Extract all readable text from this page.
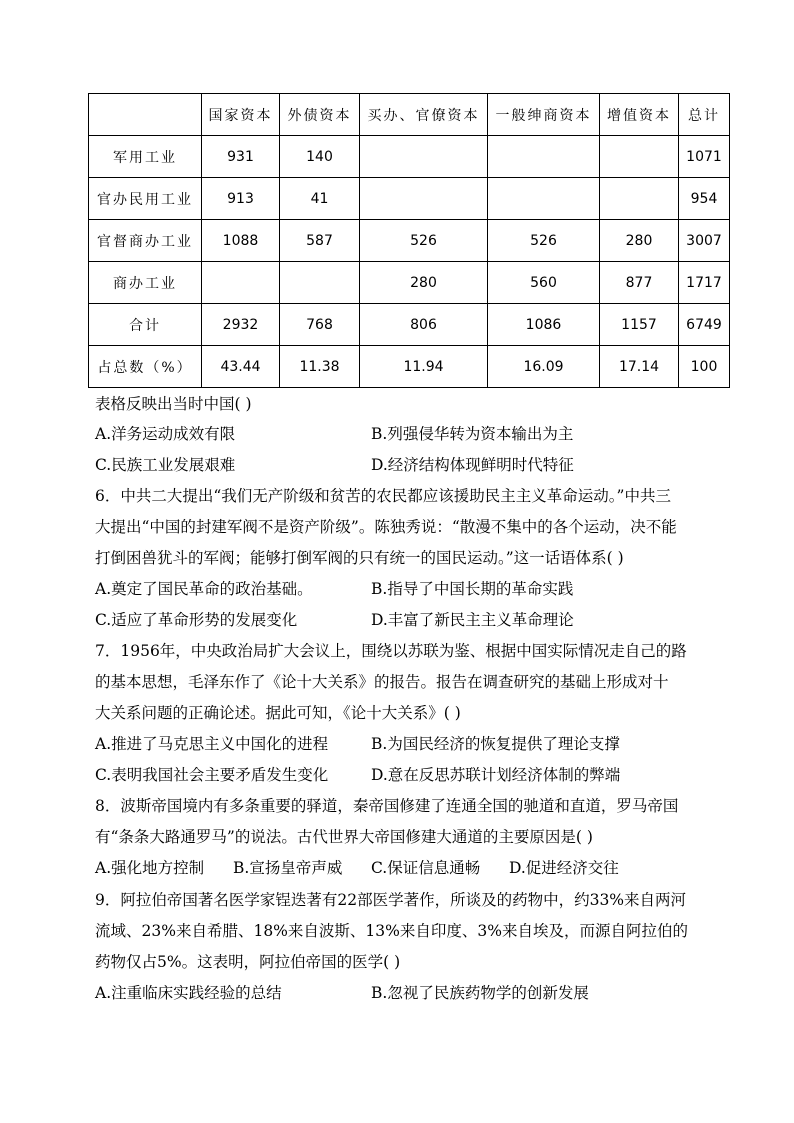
	国家资本	外债资本	买办、官僚资本	一般绅商资本	增值资本	总计
军用工业	931	140				1071
官办民用工业	913	41				954
官督商办工业	1088	587	526	526	280	3007
商办工业			280	560	877	1717
合计	2932	768	806	1086	1157	6749
占总数（%）	43.44	11.38	11.94	16.09	17.14	100
表格反映出当时中国( )
A.洋务运动成效有限	B.列强侵华转为资本输出为主
C.民族工业发展艰难	D.经济结构体现鲜明时代特征
6．中共二大提出“我们无产阶级和贫苦的农民都应该援助民主主义革命运动。”中共三
大提出“中国的封建军阀不是资产阶级”。陈独秀说：“散漫不集中的各个运动，决不能
打倒困兽犹斗的军阀；能够打倒军阀的只有统一的国民运动。”这一话语体系( )
A.奠定了国民革命的政治基础。	B.指导了中国长期的革命实践
C.适应了革命形势的发展变化	D.丰富了新民主主义革命理论
7．1956年，中央政治局扩大会议上，围绕以苏联为鉴、根据中国实际情况走自己的路
的基本思想，毛泽东作了《论十大关系》的报告。报告在调查研究的基础上形成对十
大关系问题的正确论述。据此可知，《论十大关系》( )
A.推进了马克思主义中国化的进程	B.为国民经济的恢复提供了理论支撑
C.表明我国社会主要矛盾发生变化	D.意在反思苏联计划经济体制的弊端
8．波斯帝国境内有多条重要的驿道，秦帝国修建了连通全国的驰道和直道，罗马帝国
有“条条大路通罗马”的说法。古代世界大帝国修建大通道的主要原因是( )
A.强化地方控制 B.宣扬皇帝声威 C.保证信息通畅 D.促进经济交往
9．阿拉伯帝国著名医学家锃迭著有22部医学著作，所谈及的药物中，约33%来自两河
流域、23%来自希腊、18%来自波斯、13%来自印度、3%来自埃及，而源自阿拉伯的
药物仅占5%。这表明，阿拉伯帝国的医学( )
A.注重临床实践经验的总结	B.忽视了民族药物学的创新发展
